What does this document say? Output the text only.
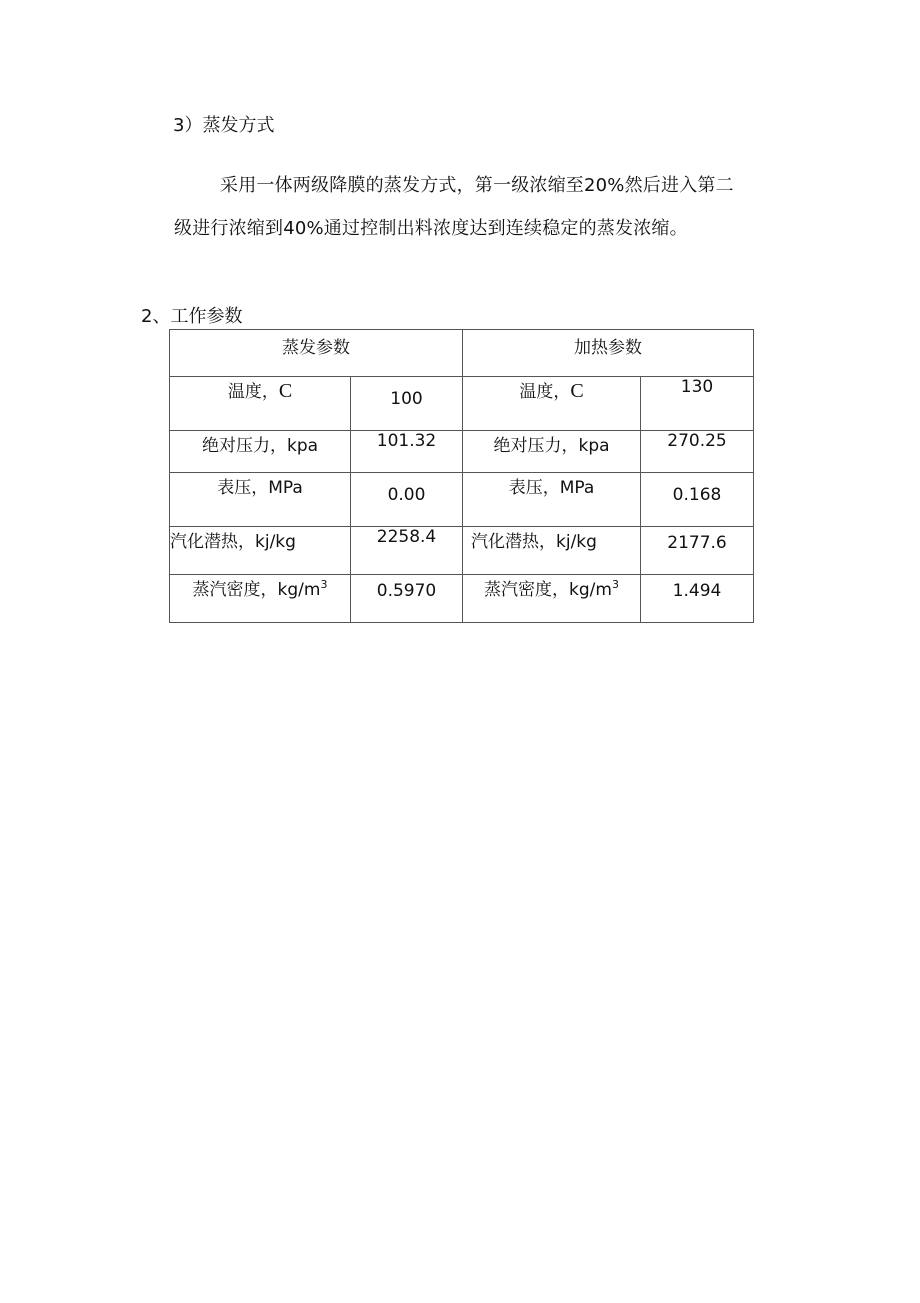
3）蒸发方式
采用一体两级降膜的蒸发方式，第一级浓缩至20%然后进入第二
级进行浓缩到40%通过控制出料浓度达到连续稳定的蒸发浓缩。
2、工作参数
蒸发参数		加热参数	
温度，C	100	温度，C	130
绝对压力，kpa	101.32	绝对压力，kpa	270.25
表压，MPa	0.00	表压，MPa	0.168
汽化潜热，kj/kg	2258.4	汽化潜热，kj/kg	2177.6
蒸汽密度，$kg/m^3$	0.5970	蒸汽密度，$kg/m^3$	1.494
